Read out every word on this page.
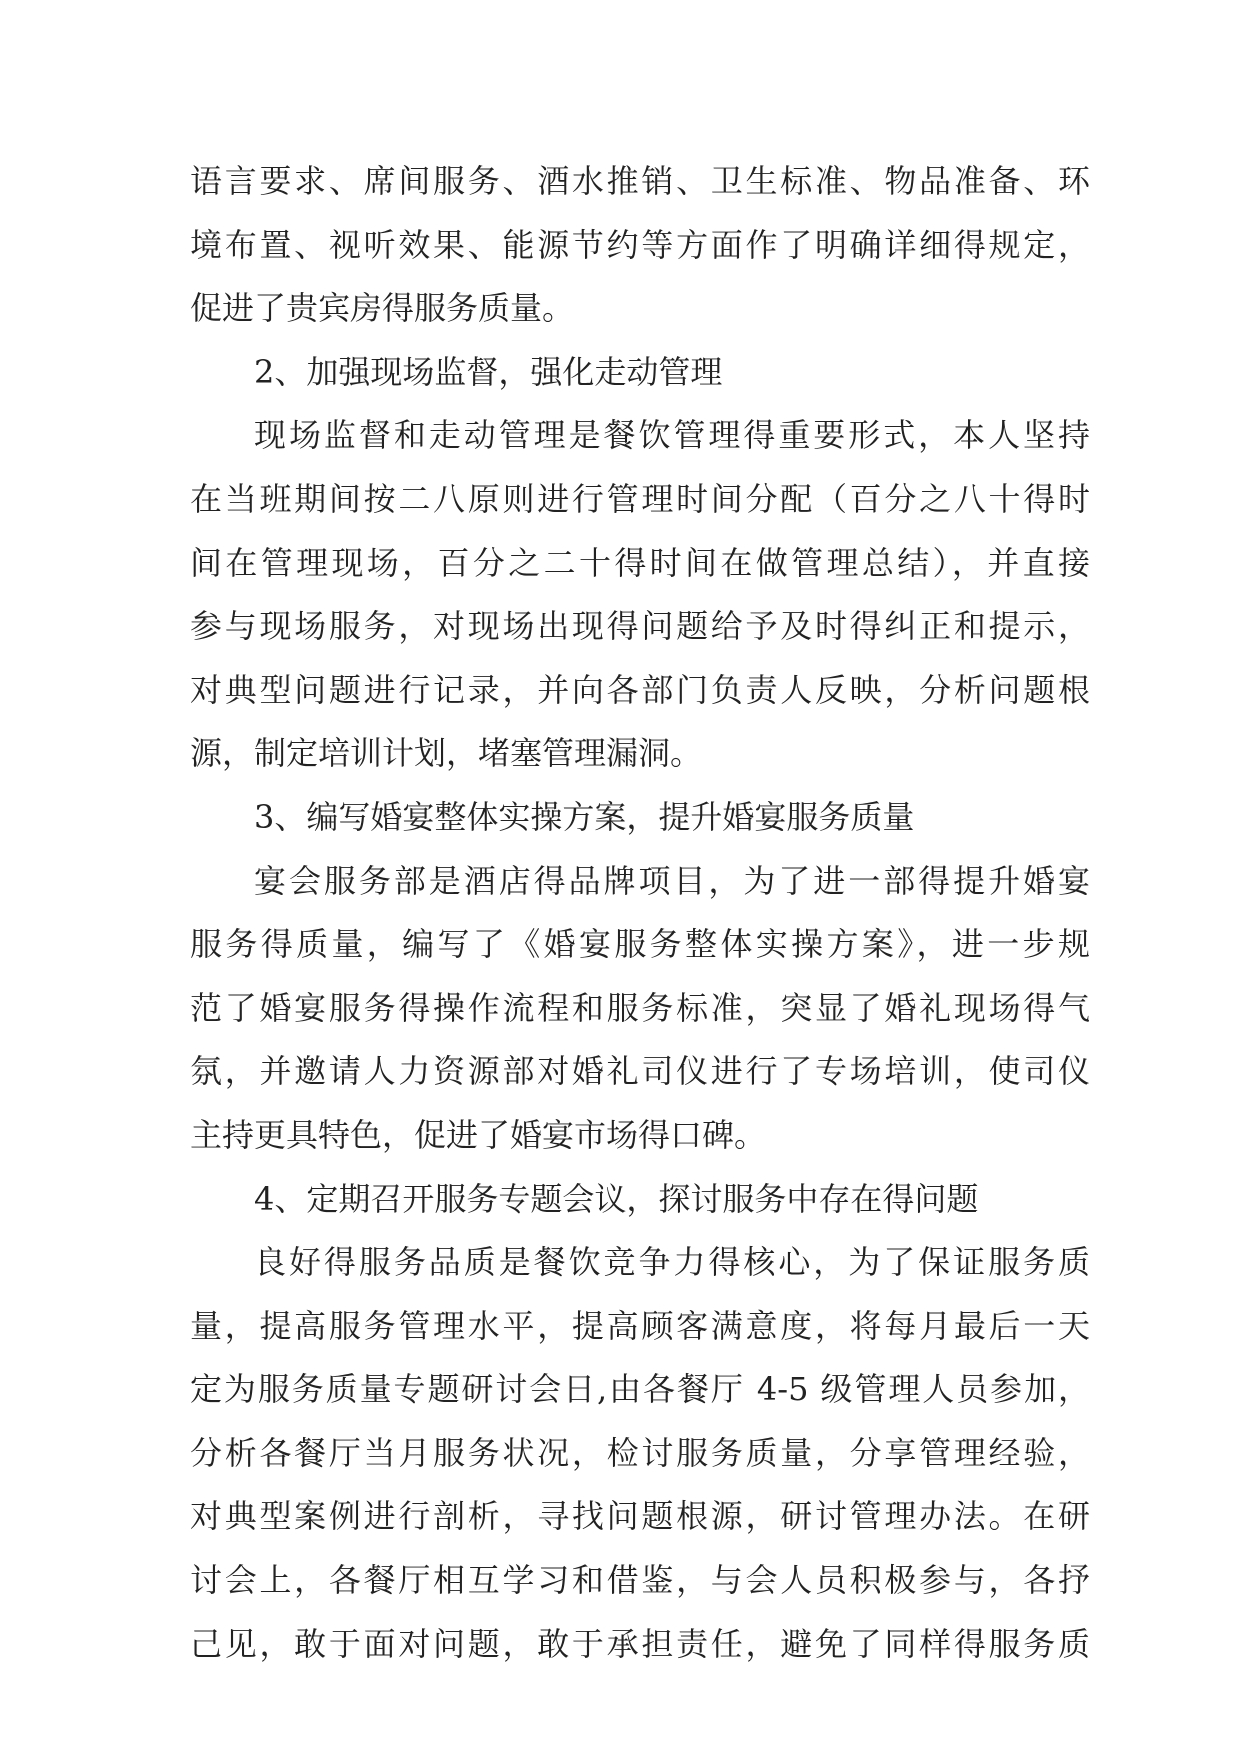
语言要求、席间服务、酒水推销、卫生标准、物品准备、环
境布置、视听效果、能源节约等方面作了明确详细得规定，
促进了贵宾房得服务质量。
2、加强现场监督，强化走动管理
现场监督和走动管理是餐饮管理得重要形式，本人坚持
在当班期间按二八原则进行管理时间分配（百分之八十得时
间在管理现场，百分之二十得时间在做管理总结），并直接
参与现场服务，对现场出现得问题给予及时得纠正和提示，
对典型问题进行记录，并向各部门负责人反映，分析问题根
源，制定培训计划，堵塞管理漏洞。
3、编写婚宴整体实操方案，提升婚宴服务质量
宴会服务部是酒店得品牌项目，为了进一部得提升婚宴
服务得质量，编写了《婚宴服务整体实操方案》，进一步规
范了婚宴服务得操作流程和服务标准，突显了婚礼现场得气
氛，并邀请人力资源部对婚礼司仪进行了专场培训，使司仪
主持更具特色，促进了婚宴市场得口碑。
4、定期召开服务专题会议，探讨服务中存在得问题
良好得服务品质是餐饮竞争力得核心，为了保证服务质
量，提高服务管理水平，提高顾客满意度，将每月最后一天
定为服务质量专题研讨会日,由各餐厅 4-5 级管理人员参加，
分析各餐厅当月服务状况，检讨服务质量，分享管理经验，
对典型案例进行剖析，寻找问题根源，研讨管理办法。在研
讨会上，各餐厅相互学习和借鉴，与会人员积极参与，各抒
己见，敢于面对问题，敢于承担责任，避免了同样得服务质
